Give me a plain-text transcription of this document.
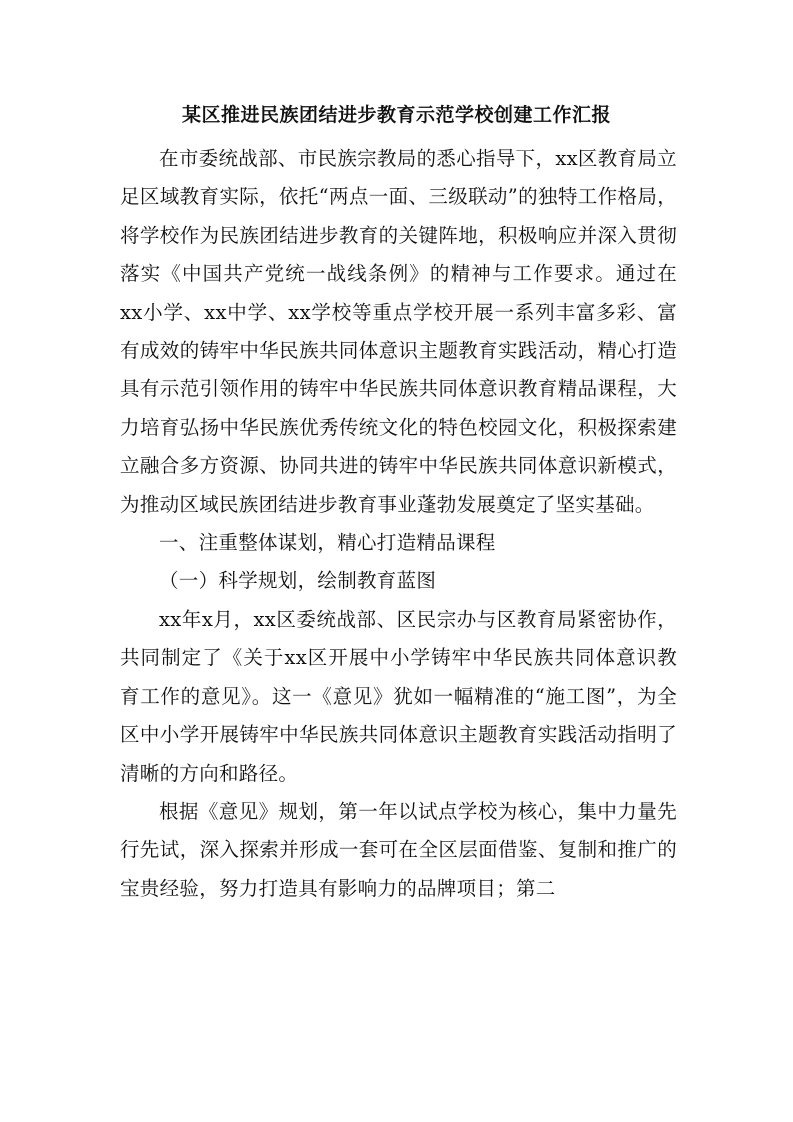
某区推进民族团结进步教育示范学校创建工作汇报

在市委统战部、市民族宗教局的悉心指导下，xx区教育局立足区域教育实际，依托“两点一面、三级联动”的独特工作格局，将学校作为民族团结进步教育的关键阵地，积极响应并深入贯彻落实《中国共产党统一战线条例》的精神与工作要求。通过在xx小学、xx中学、xx学校等重点学校开展一系列丰富多彩、富有成效的铸牢中华民族共同体意识主题教育实践活动，精心打造具有示范引领作用的铸牢中华民族共同体意识教育精品课程，大力培育弘扬中华民族优秀传统文化的特色校园文化，积极探索建立融合多方资源、协同共进的铸牢中华民族共同体意识新模式，为推动区域民族团结进步教育事业蓬勃发展奠定了坚实基础。

一、注重整体谋划，精心打造精品课程

（一）科学规划，绘制教育蓝图

xx年x月，xx区委统战部、区民宗办与区教育局紧密协作，共同制定了《关于xx区开展中小学铸牢中华民族共同体意识教育工作的意见》。这一《意见》犹如一幅精准的“施工图”，为全区中小学开展铸牢中华民族共同体意识主题教育实践活动指明了清晰的方向和路径。

根据《意见》规划，第一年以试点学校为核心，集中力量先行先试，深入探索并形成一套可在全区层面借鉴、复制和推广的宝贵经验，努力打造具有影响力的品牌项目；第二
